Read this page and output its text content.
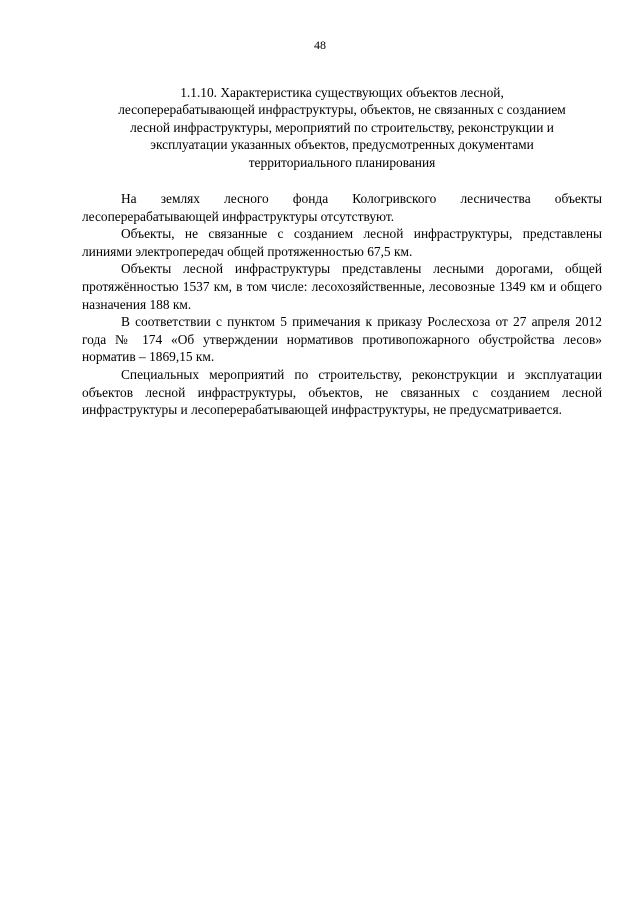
48
1.1.10. Характеристика существующих объектов лесной,
лесоперерабатывающей инфраструктуры, объектов, не связанных с созданием
лесной инфраструктуры, мероприятий по строительству, реконструкции и
эксплуатации указанных объектов, предусмотренных документами
территориального планирования

На землях лесного фонда Кологривского лесничества объекты лесоперерабатывающей инфраструктуры отсутствуют.

Объекты, не связанные с созданием лесной инфраструктуры, представлены линиями электропередач общей протяженностью 67,5 км.

Объекты лесной инфраструктуры представлены лесными дорогами, общей протяжённостью 1537 км, в том числе: лесохозяйственные, лесовозные 1349 км и общего назначения 188 км.

В соответствии с пунктом 5 примечания к приказу Рослесхоза от 27 апреля 2012 года № 174 «Об утверждении нормативов противопожарного обустройства лесов» норматив – 1869,15 км.

Специальных мероприятий по строительству, реконструкции и эксплуатации объектов лесной инфраструктуры, объектов, не связанных с созданием лесной инфраструктуры и лесоперерабатывающей инфраструктуры, не предусматривается.
